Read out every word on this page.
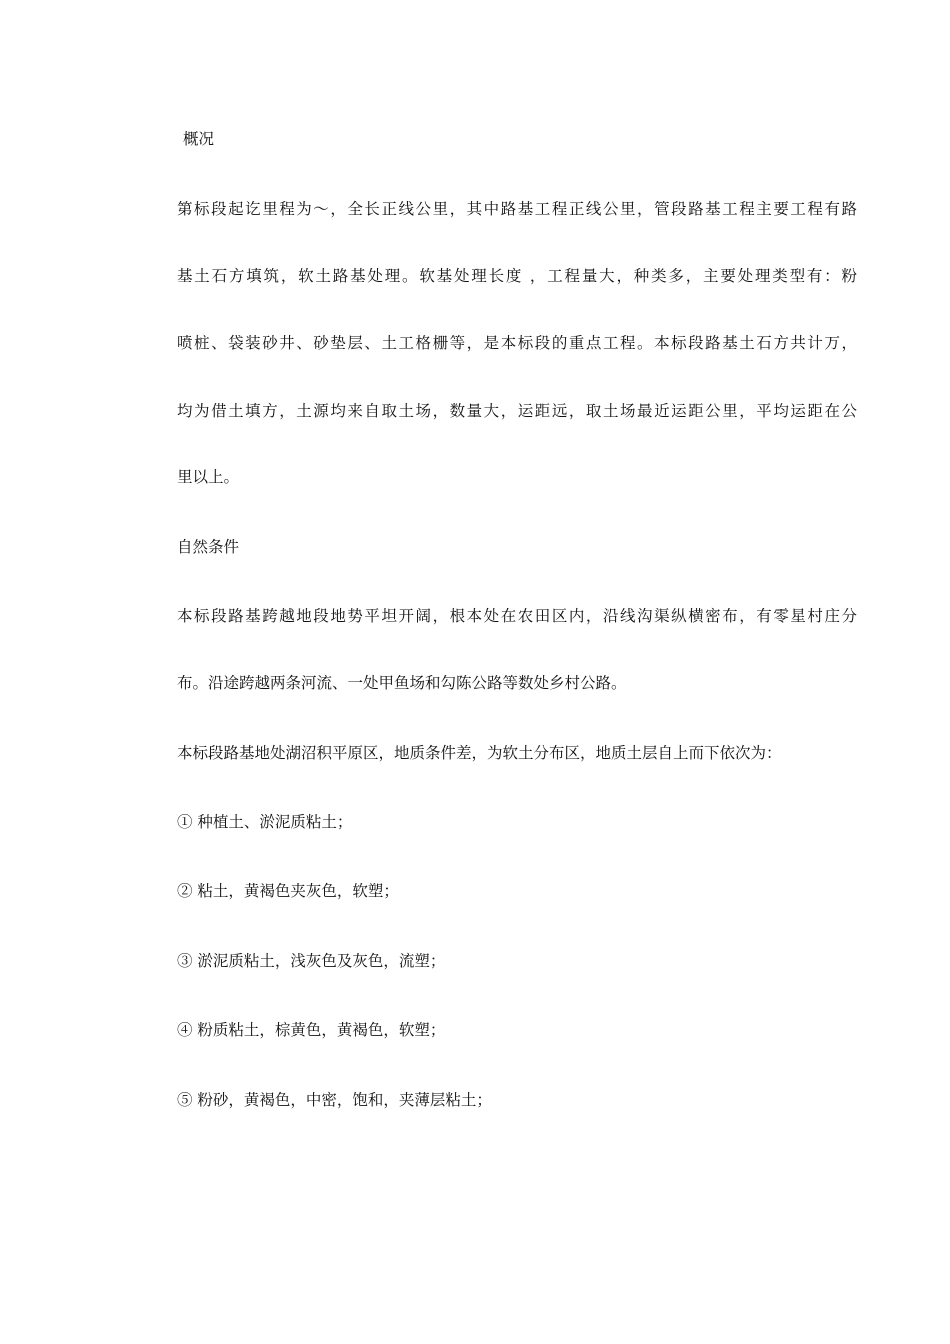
概况

第标段起讫里程为～，全长正线公里，其中路基工程正线公里，管段路基工程主要工程有路

基土石方填筑，软土路基处理。软基处理长度 ，工程量大，种类多，主要处理类型有：粉

喷桩、袋装砂井、砂垫层、土工格栅等，是本标段的重点工程。本标段路基土石方共计万，

均为借土填方，土源均来自取土场，数量大，运距远，取土场最近运距公里，平均运距在公

里以上。

自然条件

本标段路基跨越地段地势平坦开阔，根本处在农田区内，沿线沟渠纵横密布，有零星村庄分

布。沿途跨越两条河流、一处甲鱼场和勾陈公路等数处乡村公路。

本标段路基地处湖沼积平原区，地质条件差，为软土分布区，地质土层自上而下依次为：

① 种植土、淤泥质粘土；

② 粘土，黄褐色夹灰色，软塑；

③ 淤泥质粘土，浅灰色及灰色，流塑；

④ 粉质粘土，棕黄色，黄褐色，软塑；

⑤ 粉砂，黄褐色，中密，饱和，夹薄层粘土；
